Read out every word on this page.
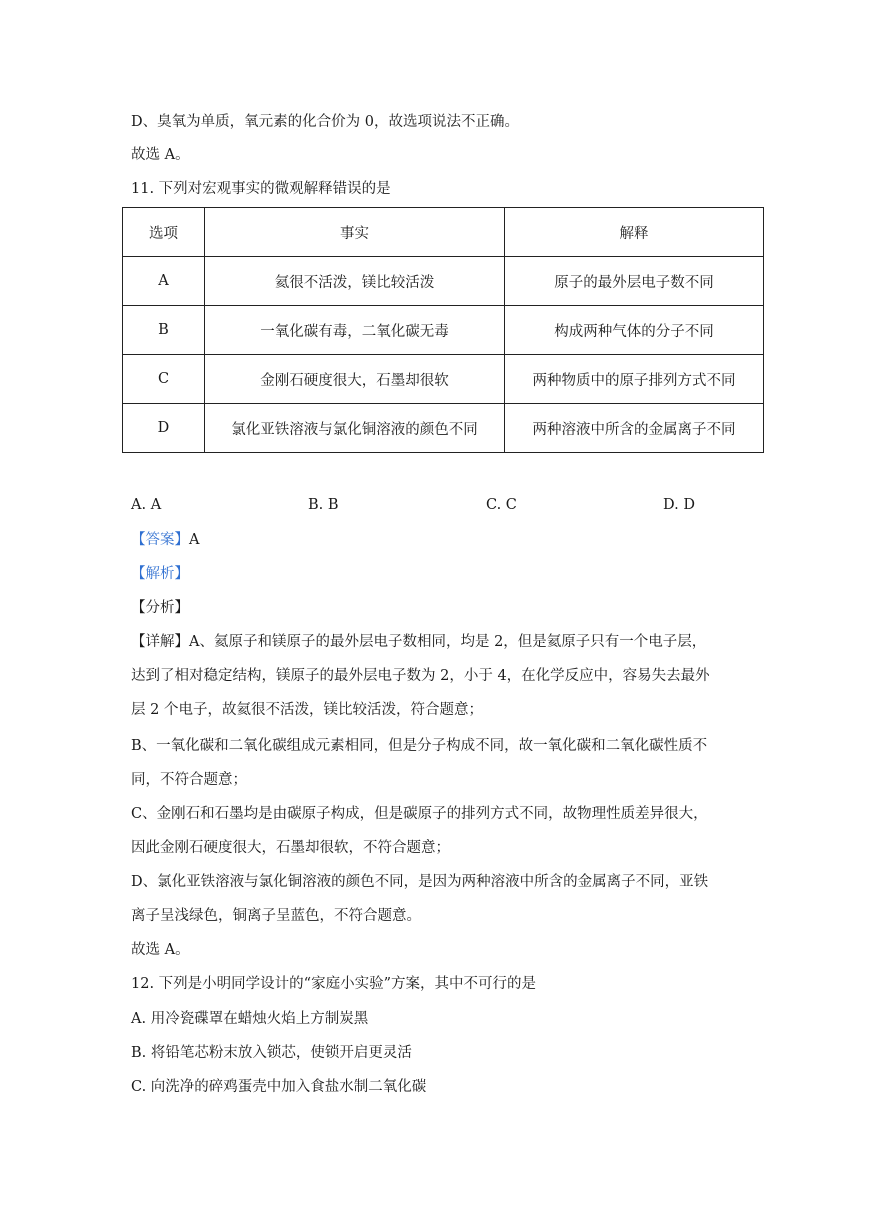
D、臭氧为单质，氧元素的化合价为 0，故选项说法不正确。
故选 A。
11. 下列对宏观事实的微观解释错误的是
选项	事实	解释
A	氦很不活泼，镁比较活泼	原子的最外层电子数不同
B	一氧化碳有毒，二氧化碳无毒	构成两种气体的分子不同
C	金刚石硬度很大，石墨却很软	两种物质中的原子排列方式不同
D	氯化亚铁溶液与氯化铜溶液的颜色不同	两种溶液中所含的金属离子不同
A. A	B. B	C. C	D. D
【答案】A
【解析】
【分析】
【详解】A、氦原子和镁原子的最外层电子数相同，均是 2，但是氦原子只有一个电子层，
达到了相对稳定结构，镁原子的最外层电子数为 2，小于 4，在化学反应中，容易失去最外
层 2 个电子，故氦很不活泼，镁比较活泼，符合题意；
B、一氧化碳和二氧化碳组成元素相同，但是分子构成不同，故一氧化碳和二氧化碳性质不
同，不符合题意；
C、金刚石和石墨均是由碳原子构成，但是碳原子的排列方式不同，故物理性质差异很大，
因此金刚石硬度很大，石墨却很软，不符合题意；
D、氯化亚铁溶液与氯化铜溶液的颜色不同，是因为两种溶液中所含的金属离子不同，亚铁
离子呈浅绿色，铜离子呈蓝色，不符合题意。
故选 A。
12. 下列是小明同学设计的“家庭小实验”方案，其中不可行的是
A. 用冷瓷碟罩在蜡烛火焰上方制炭黑
B. 将铅笔芯粉末放入锁芯，使锁开启更灵活
C. 向洗净的碎鸡蛋壳中加入食盐水制二氧化碳
